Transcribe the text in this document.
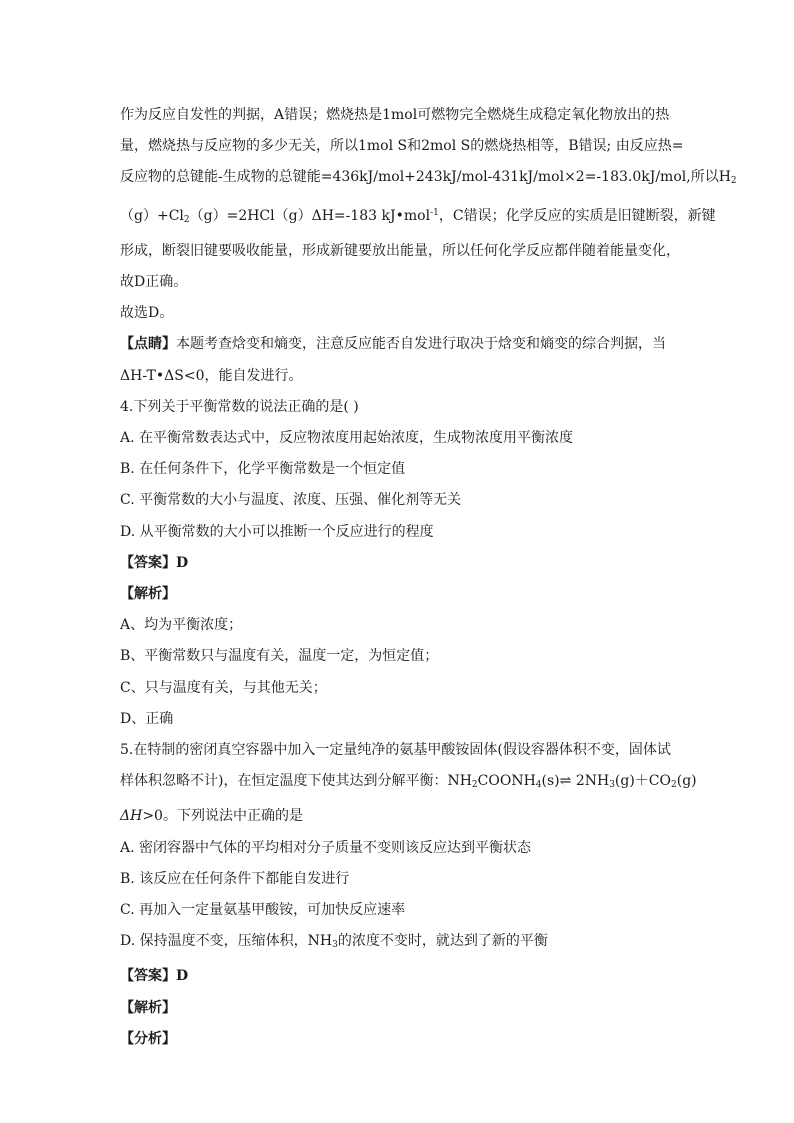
作为反应自发性的判据，A错误；燃烧热是1mol可燃物完全燃烧生成稳定氧化物放出的热
量，燃烧热与反应物的多少无关，所以1mol S和2mol S的燃烧热相等，B错误; 由反应热=
反应物的总键能-生成物的总键能=436kJ/mol+243kJ/mol-431kJ/mol×2=-183.0kJ/mol,所以$H_2$
$(g)+Cl_2(g)=2HCl(g)\Delta H=-183$ kJ•mol$^{-1}$，C错误；化学反应的实质是旧键断裂，新键
形成，断裂旧键要吸收能量，形成新键要放出能量，所以任何化学反应都伴随着能量变化，
故D正确。
故选D。
【点睛】本题考查焓变和熵变，注意反应能否自发进行取决于焓变和熵变的综合判据，当
ΔH-T•ΔS<0，能自发进行。
4.下列关于平衡常数的说法正确的是( )
A. 在平衡常数表达式中，反应物浓度用起始浓度，生成物浓度用平衡浓度
B. 在任何条件下，化学平衡常数是一个恒定值
C. 平衡常数的大小与温度、浓度、压强、催化剂等无关
D. 从平衡常数的大小可以推断一个反应进行的程度
【答案】D
【解析】
A、均为平衡浓度；
B、平衡常数只与温度有关，温度一定，为恒定值；
C、只与温度有关，与其他无关；
D、正确
5.在特制的密闭真空容器中加入一定量纯净的氨基甲酸铵固体(假设容器体积不变，固体试
样体积忽略不计)，在恒定温度下使其达到分解平衡：$NH_2COONH_4(s)\rightleftharpoons$ $2NH_3(g)+CO_2(g)$
ΔH>0。下列说法中正确的是
A. 密闭容器中气体的平均相对分子质量不变则该反应达到平衡状态
B. 该反应在任何条件下都能自发进行
C. 再加入一定量氨基甲酸铵，可加快反应速率
D. 保持温度不变，压缩体积，$NH_3$的浓度不变时，就达到了新的平衡
【答案】D
【解析】
【分析】
